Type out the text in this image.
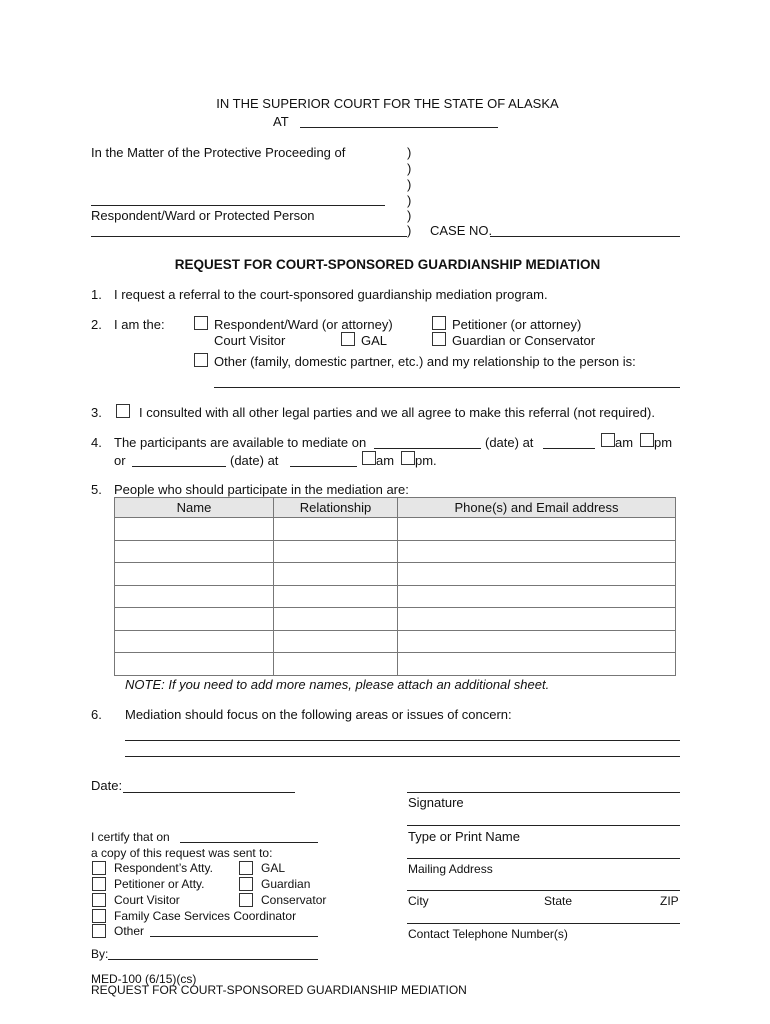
IN THE SUPERIOR COURT FOR THE STATE OF ALASKA
AT
In the Matter of the Protective Proceeding of	)
)
)
)
)
)
Respondent/Ward or Protected Person
CASE NO.
REQUEST FOR COURT-SPONSORED GUARDIANSHIP MEDIATION
1. I request a referral to the court-sponsored guardianship mediation program.
2. I am the:	Respondent/Ward (or attorney)	Petitioner (or attorney)
Court Visitor	GAL	Guardian or Conservator
Other (family, domestic partner, etc.) and my relationship to the person is:
3.	I consulted with all other legal parties and we all agree to make this referral (not required).
4. The participants are available to mediate on	(date) at	am pm
or	(date) at	am pm.
5. People who should participate in the mediation are:
Name	Relationship	Phone(s) and Email address

NOTE: If you need to add more names, please attach an additional sheet.
6. Mediation should focus on the following areas or issues of concern:
Date:
Signature
Type or Print Name
Mailing Address
City	State	ZIP
Contact Telephone Number(s)
I certify that on
a copy of this request was sent to:
Respondent’s Atty.	GAL
Petitioner or Atty.	Guardian
Court Visitor	Conservator
Family Case Services Coordinator
Other
By:
MED-100 (6/15)(cs)
REQUEST FOR COURT-SPONSORED GUARDIANSHIP MEDIATION
